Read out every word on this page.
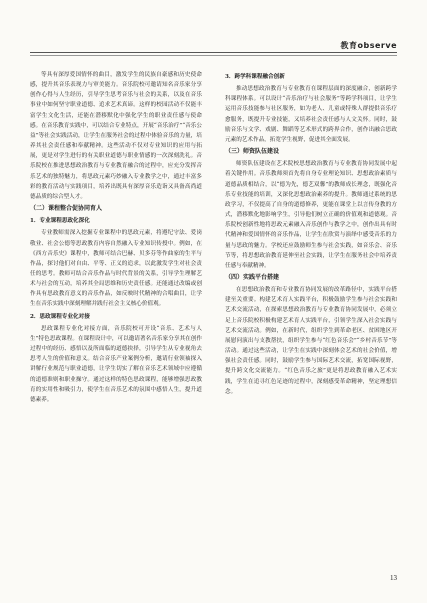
教育observe

等具有深厚爱国情怀的曲目，激发学生的民族自豪感和历史使命感，提升其音乐表现力与审美能力。音乐院校可邀请知名音乐家分享创作心得与人生经历，引导学生思考音乐与社会的关系，以及在音乐事业中如何坚守职业道德、追求艺术真谛。这样的校园活动不仅能丰富学生文化生活，还能在潜移默化中强化学生的职业责任感与使命感。在音乐教育实践中，可以结合专业特点，开展“音乐治疗”“音乐公益”等社会实践活动，让学生在服务社会的过程中体验音乐的力量，培养其社会责任感和奉献精神。这些活动不仅对专业知识的应用与拓展，更是对学生进行的有关职业道德与职业情感的一次深刻洗礼。音乐院校在推进思想政治教育与专业教育融合的过程中，应充分发挥音乐艺术的独特魅力，将思政元素巧妙融入专业教学之中，通过丰富多彩的教育活动与实践项目，培养出既具有深厚音乐造诣又具备高尚道德品质的综合型人才。

（二）课程整合促协同育人

1．专业课程思政化深化

专业教师需深入挖掘专业课程中的思政元素，将遵纪守法、爱岗敬业、社会公德等思政教育内容自然融入专业知识传授中。例如，在《西方音乐史》课程中，教师可结合巴赫、贝多芬等作曲家的生平与作品，探讨他们对自由、平等、正义的追求，以此激发学生对社会责任的思考。教师可结合音乐作品与时代背景的关系，引导学生理解艺术与社会的互动，培养其全局思维和历史责任感。还能通过改编或创作具有思政教育意义的音乐作品，如反映时代精神的合唱曲目，让学生在音乐实践中深刻理解并践行社会主义核心价值观。

2．思政课程专业化对接

思政课程专业化对接方面，音乐院校可开设“音乐、艺术与人生”特色思政课程。在课程设计中，可以邀请著名音乐家分享其在创作过程中的经历、感悟以及所面临的道德抉择，引导学生从专业视角去思考人生的价值和意义。结合音乐产业案例分析，邀请行业领袖探入讲解行业规范与职业道德，让学生切实了解在音乐艺术领域中应遵循的道德准则和职业操守。通过这样的特色思政课程，能够增强思政教育的实用性和吸引力，使学生在音乐艺术的氛围中感悟人生，提升道德素养。

3．跨学科课程融合创新

推动思想政治教育与专业教育在课程层面的深度融合，创新跨学科课程体系。可以设计“音乐治疗与社会服务”等跨学科项目，让学生运用音乐技能参与社区服务，如为老人、儿童或特殊人群提供音乐疗愈服务，既提升专业技能，又培养社会责任感与人文关怀。同时，鼓励音乐与文学、戏剧、舞蹈等艺术形式的跨界合作，创作出融合思政元素的艺术作品，拓宽学生视野，促进其全面发展。

（三）师资队伍建设

师资队伍建设在艺术院校思想政治教育与专业教育协同发展中起着关键作用。音乐教师须首先将自身专业理论知识、思想政治素质与道德品质相结合，以“德为先，德艺双馨”的教师成长理念，既强化音乐专业技能的培训，又深化思想政治素养的提升。教师通过系统的思政学习，不仅提高了自身的道德修养，更能在课堂上以言传身教的方式，潜移默化地影响学生，引导他们树立正确的价值观和道德观。音乐院校创新性地将思政元素融入音乐创作与教学之中，创作出具有时代精神和爱国情怀的音乐作品，让学生在欣赏与演绎中感受音乐的力量与思政的魅力。学校还应鼓励师生参与社会实践，如音乐会、音乐节等，将思想政治教育延伸至社会实践，让学生在服务社会中培养责任感与奉献精神。

（四）实践平台搭建

在思想政治教育和专业教育协同发展的改革路径中，实践平台搭建至关重要。构建艺术育人实践平台，积极鼓励学生参与社会实践和艺术交流活动，在探索思想政治教育与专业教育协同发展中，必须立足上音乐院校积极构建艺术育人实践平台，引领学生深入社会实践与艺术交流活动。例如，在新时代，组织学生到革命老区、贫困地区开展慰问演出与支教帮扶，组织学生参与“红色音乐会”“乡村音乐节”等活动。通过这些活动，让学生在实践中深刻体会艺术的社会价值，增强社会责任感。同时，鼓励学生参与国际艺术交流，拓宽国际视野，提升跨文化交流能力。“红色音乐之旅”更是将思政教育融入艺术实践，学生在追寻红色足迹的过程中，深刻感受革命精神，坚定理想信念。

13
